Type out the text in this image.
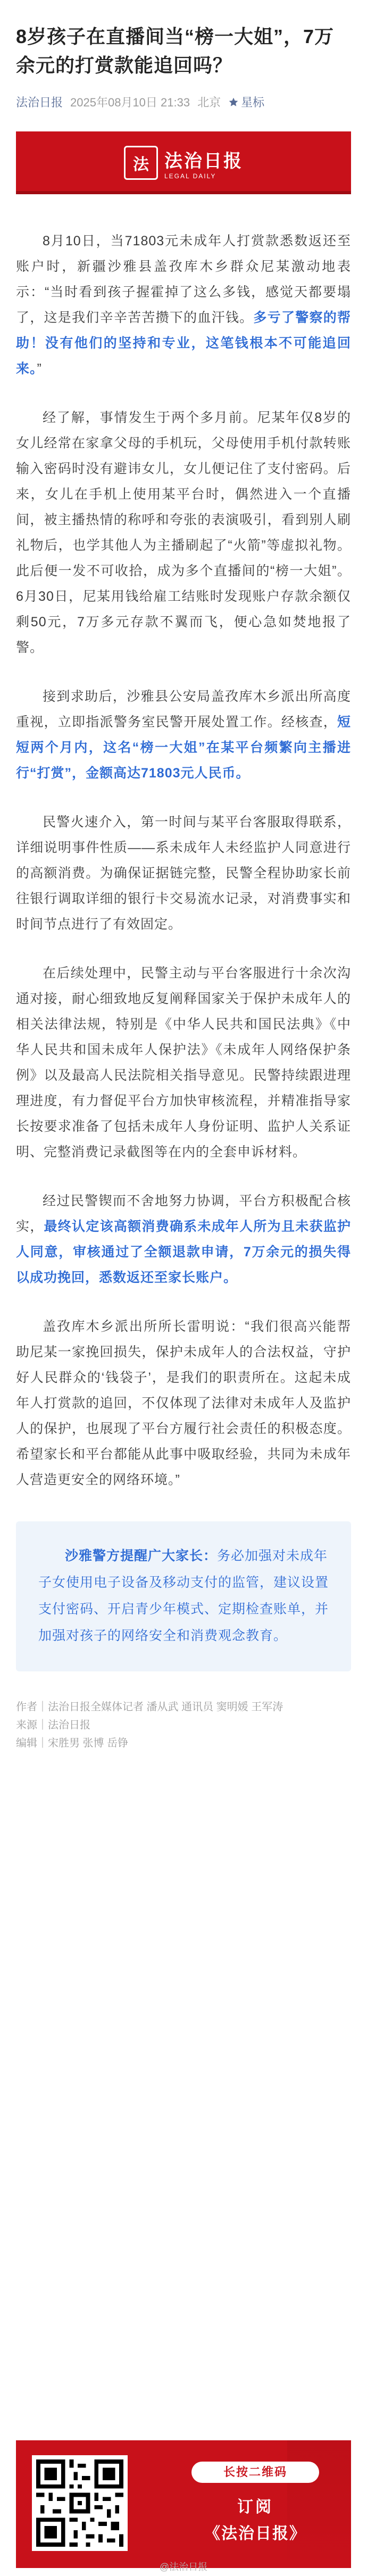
8岁孩子在直播间当“榜一大姐”，7万余元的打赏款能追回吗？
法治日报 2025年08月10日 21:33 北京 星标
法 法治日报
LEGAL DAILY

8月10日，当71803元未成年人打赏款悉数返还至账户时，新疆沙雅县盖孜库木乡群众尼某激动地表示：“当时看到孩子握霍掉了这么多钱，感觉天都要塌了，这是我们辛辛苦苦攒下的血汗钱。多亏了警察的帮助！没有他们的坚持和专业，这笔钱根本不可能追回来。”

经了解，事情发生于两个多月前。尼某年仅8岁的女儿经常在家拿父母的手机玩，父母使用手机付款转账输入密码时没有避讳女儿，女儿便记住了支付密码。后来，女儿在手机上使用某平台时，偶然进入一个直播间，被主播热情的称呼和夸张的表演吸引，看到别人刷礼物后，也学其他人为主播刷起了“火箭”等虚拟礼物。此后便一发不可收拾，成为多个直播间的“榜一大姐”。6月30日，尼某用钱给雇工结账时发现账户存款余额仅剩50元，7万多元存款不翼而飞，便心急如焚地报了警。

接到求助后，沙雅县公安局盖孜库木乡派出所高度重视，立即指派警务室民警开展处置工作。经核查，短短两个月内，这名“榜一大姐”在某平台频繁向主播进行“打赏”，金额高达71803元人民币。

民警火速介入，第一时间与某平台客服取得联系，详细说明事件性质——系未成年人未经监护人同意进行的高额消费。为确保证据链完整，民警全程协助家长前往银行调取详细的银行卡交易流水记录，对消费事实和时间节点进行了有效固定。

在后续处理中，民警主动与平台客服进行十余次沟通对接，耐心细致地反复阐释国家关于保护未成年人的相关法律法规，特别是《中华人民共和国民法典》《中华人民共和国未成年人保护法》《未成年人网络保护条例》以及最高人民法院相关指导意见。民警持续跟进理理进度，有力督促平台方加快审核流程，并精准指导家长按要求准备了包括未成年人身份证明、监护人关系证明、完整消费记录截图等在内的全套申诉材料。

经过民警锲而不舍地努力协调，平台方积极配合核实，最终认定该高额消费确系未成年人所为且未获监护人同意，审核通过了全额退款申请，7万余元的损失得以成功挽回，悉数返还至家长账户。

盖孜库木乡派出所所长雷明说：“我们很高兴能帮助尼某一家挽回损失，保护未成年人的合法权益，守护好人民群众的‘钱袋子’，是我们的职责所在。这起未成年人打赏款的追回，不仅体现了法律对未成年人及监护人的保护，也展现了平台方履行社会责任的积极态度。希望家长和平台都能从此事中吸取经验，共同为未成年人营造更安全的网络环境。”

沙雅警方提醒广大家长：务必加强对未成年子女使用电子设备及移动支付的监管，建议设置支付密码、开启青少年模式、定期检查账单，并加强对孩子的网络安全和消费观念教育。
作者｜法治日报全媒体记者 潘从武 通讯员 窦明媛 王军涛
来源｜法治日报
编辑｜宋胜男 张博 岳铮
长按二维码
订阅
《法治日报》
@法治日报
